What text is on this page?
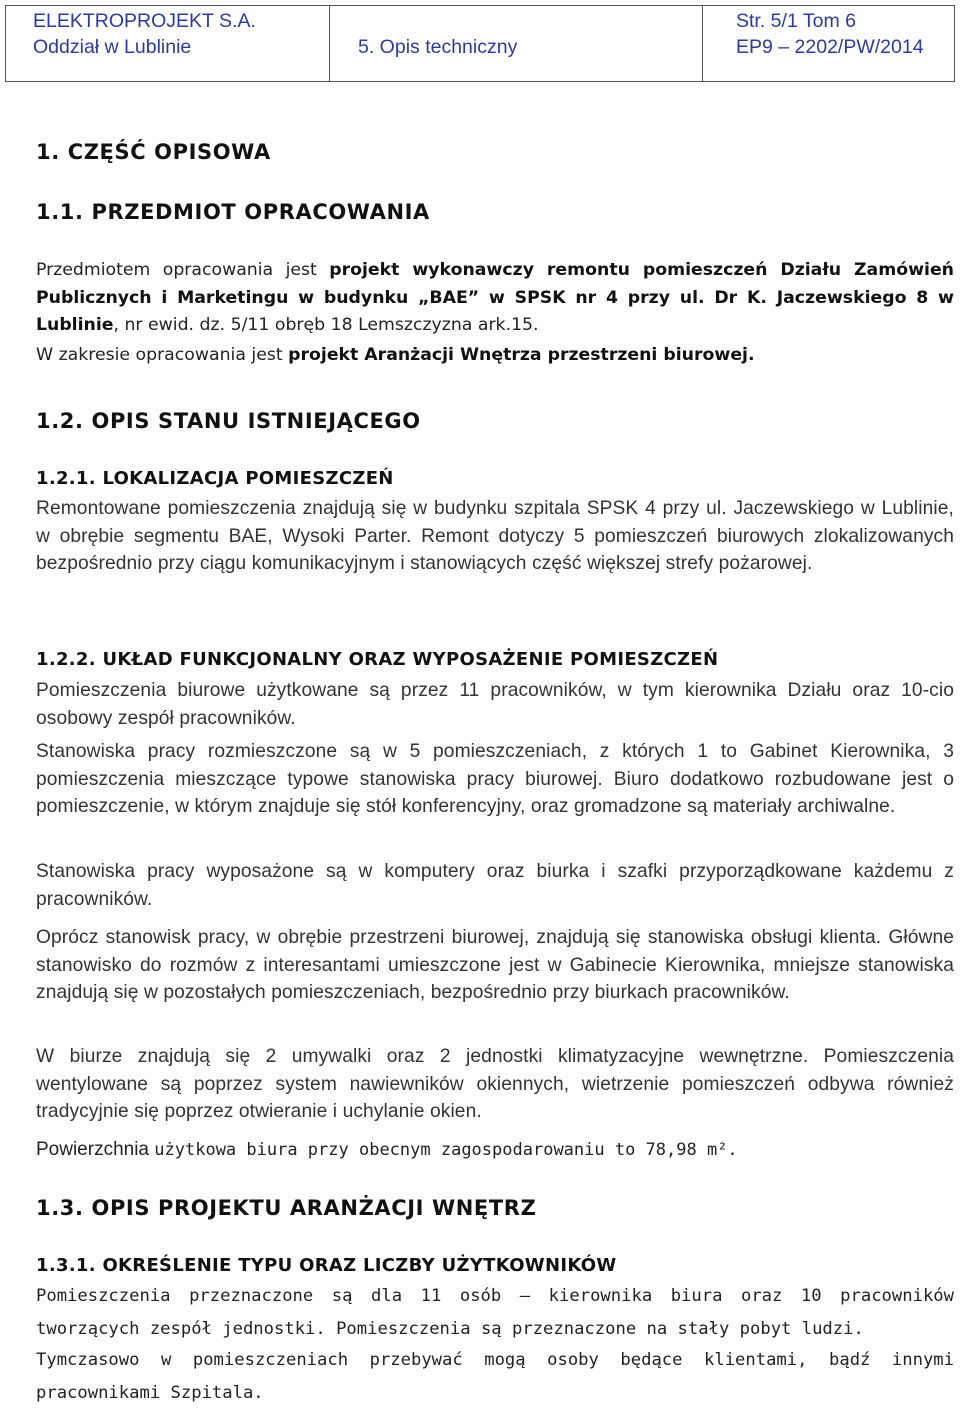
ELEKTROPROJEKT S.A.
Oddział w Lublinie	5. Opis techniczny

Str. 5/1 Tom 6
EP9 – 2202/PW/2014
1. CZĘŚĆ OPISOWA
1.1. PRZEDMIOT OPRACOWANIA
Przedmiotem opracowania jest projekt wykonawczy remontu pomieszczeń Działu Zamówień Publicznych i Marketingu w budynku „BAE” w SPSK nr 4 przy ul. Dr K. Jaczewskiego 8 w Lublinie, nr ewid. dz. 5/11 obręb 18 Lemszczyzna ark.15.
W zakresie opracowania jest projekt Aranżacji Wnętrza przestrzeni biurowej.
1.2. OPIS STANU ISTNIEJĄCEGO
1.2.1. LOKALIZACJA POMIESZCZEŃ
Remontowane pomieszczenia znajdują się w budynku szpitala SPSK 4 przy ul. Jaczewskiego w Lublinie, w obrębie segmentu BAE, Wysoki Parter. Remont dotyczy 5 pomieszczeń biurowych zlokalizowanych bezpośrednio przy ciągu komunikacyjnym i stanowiących część większej strefy pożarowej.
1.2.2. UKŁAD FUNKCJONALNY ORAZ WYPOSAŻENIE POMIESZCZEŃ
Pomieszczenia biurowe użytkowane są przez 11 pracowników, w tym kierownika Działu oraz 10-cio osobowy zespół pracowników.
Stanowiska pracy rozmieszczone są w 5 pomieszczeniach, z których 1 to Gabinet Kierownika, 3 pomieszczenia mieszczące typowe stanowiska pracy biurowej. Biuro dodatkowo rozbudowane jest o pomieszczenie, w którym znajduje się stół konferencyjny, oraz gromadzone są materiały archiwalne.
Stanowiska pracy wyposażone są w komputery oraz biurka i szafki przyporządkowane każdemu z pracowników.
Oprócz stanowisk pracy, w obrębie przestrzeni biurowej, znajdują się stanowiska obsługi klienta. Główne stanowisko do rozmów z interesantami umieszczone jest w Gabinecie Kierownika, mniejsze stanowiska znajdują się w pozostałych pomieszczeniach, bezpośrednio przy biurkach pracowników.
W biurze znajdują się 2 umywalki oraz 2 jednostki klimatyzacyjne wewnętrzne. Pomieszczenia wentylowane są poprzez system nawiewników okiennych, wietrzenie pomieszczeń odbywa również tradycyjnie się poprzez otwieranie i uchylanie okien.
Powierzchnia użytkowa biura przy obecnym zagospodarowaniu to 78,98 m².
1.3. OPIS PROJEKTU ARANŻACJI WNĘTRZ
1.3.1. OKREŚLENIE TYPU ORAZ LICZBY UŻYTKOWNIKÓW
Pomieszczenia przeznaczone są dla 11 osób – kierownika biura oraz 10 pracowników tworzących zespół jednostki. Pomieszczenia są przeznaczone na stały pobyt ludzi.
Tymczasowo w pomieszczeniach przebywać mogą osoby będące klientami, bądź innymi pracownikami Szpitala.
